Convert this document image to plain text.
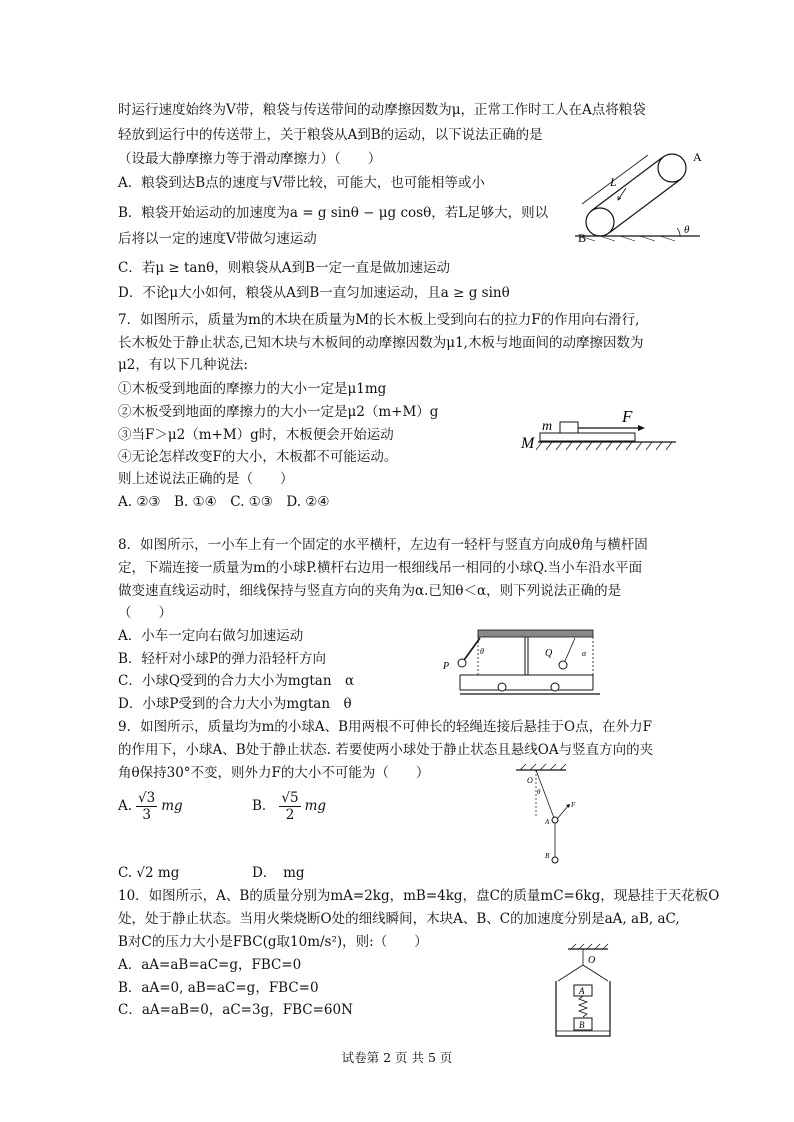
时运行速度始终为V带，粮袋与传送带间的动摩擦因数为μ，正常工作时工人在A点将粮袋
轻放到运行中的传送带上，关于粮袋从A到B的运动，以下说法正确的是
（设最大静摩擦力等于滑动摩擦力）（　　）
A．粮袋到达B点的速度与V带比较，可能大，也可能相等或小
B．粮袋开始运动的加速度为a = g sinθ − μg cosθ，若L足够大，则以
后将以一定的速度V带做匀速运动
C．若μ ≥ tanθ，则粮袋从A到B一定一直是做加速运动
D．不论μ大小如何，粮袋从A到B一直匀加速运动，且a ≥ g sinθ
7．如图所示，质量为m的木块在质量为M的长木板上受到向右的拉力F的作用向右滑行,
长木板处于静止状态,已知木块与木板间的动摩擦因数为μ1,木板与地面间的动摩擦因数为
μ2，有以下几种说法:
①木板受到地面的摩擦力的大小一定是μ1mg
②木板受到地面的摩擦力的大小一定是μ2（m+M）g
③当F＞μ2（m+M）g时，木板便会开始运动
④无论怎样改变F的大小，木板都不可能运动。
则上述说法正确的是（　　）
A. ②③　B. ①④　C. ①③　D. ②④
8．如图所示，一小车上有一个固定的水平横杆，左边有一轻杆与竖直方向成θ角与横杆固
定，下端连接一质量为m的小球P.横杆右边用一根细线吊一相同的小球Q.当小车沿水平面
做变速直线运动时，细线保持与竖直方向的夹角为α.已知θ＜α，则下列说法正确的是
（　　）
A．小车一定向右做匀加速运动
B．轻杆对小球P的弹力沿轻杆方向
C．小球Q受到的合力大小为mgtan　α
D．小球P受到的合力大小为mgtan　θ
9．如图所示，质量均为m的小球A、B用两根不可伸长的轻绳连接后悬挂于O点，在外力F
的作用下，小球A、B处于静止状态. 若要使两小球处于静止状态且悬线OA与竖直方向的夹
角θ保持30°不变，则外力F的大小不可能为（　　）
A. $\frac{√3}{3}$ mg	B． $\frac{√5}{2}$ mg
C. √2 mg	D．　mg
10．如图所示，A、B的质量分别为mA=2kg，mB=4kg，盘C的质量mC=6kg，现悬挂于天花板O
处，处于静止状态。当用火柴烧断O处的细线瞬间，木块A、B、C的加速度分别是aA, aB, aC,
B对C的压力大小是FBC(g取10m/s²)，则:（　　）
A．aA=aB=aC=g，FBC=0
B．aA=0, aB=aC=g，FBC=0
C．aA=aB=0，aC=3g，FBC=60N
A
B
L
θ
m
F
M
P
Q
θ	α
O
θ
A
B
F
O
A
B
试卷第 2 页 共 5 页
